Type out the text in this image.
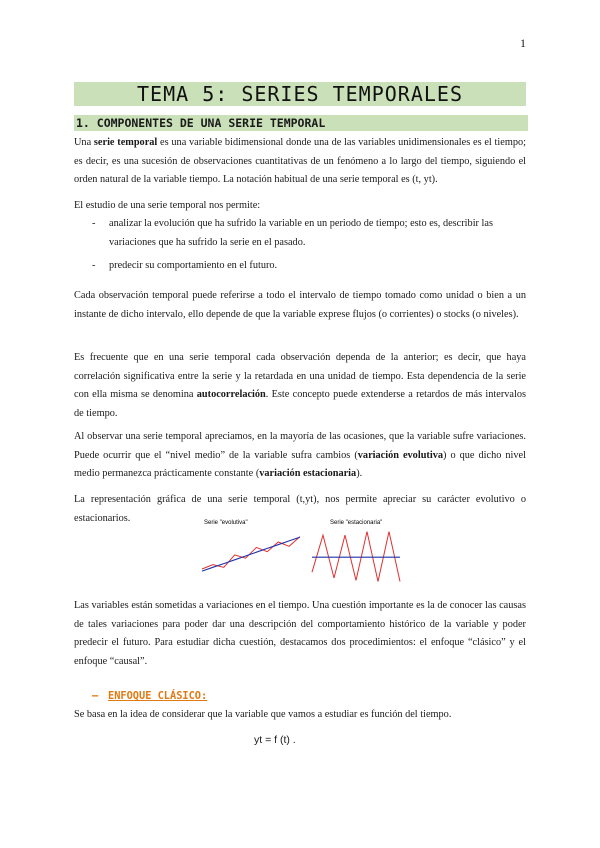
1
TEMA 5: SERIES TEMPORALES
1. COMPONENTES DE UNA SERIE TEMPORAL

Una serie temporal es una variable bidimensional donde una de las variables unidimensionales es el tiempo; es decir, es una sucesión de observaciones cuantitativas de un fenómeno a lo largo del tiempo, siguiendo el orden natural de la variable tiempo. La notación habitual de una serie temporal es (t, yt).

El estudio de una serie temporal nos permite:

- analizar la evolución que ha sufrido la variable en un periodo de tiempo; esto es, describir las variaciones que ha sufrido la serie en el pasado.
- predecir su comportamiento en el futuro.

Cada observación temporal puede referirse a todo el intervalo de tiempo tomado como unidad o bien a un instante de dicho intervalo, ello depende de que la variable exprese flujos (o corrientes) o stocks (o niveles).

Es frecuente que en una serie temporal cada observación dependa de la anterior; es decir, que haya correlación significativa entre la serie y la retardada en una unidad de tiempo. Esta dependencia de la serie con ella misma se denomina autocorrelación. Este concepto puede extenderse a retardos de más intervalos de tiempo.

Al observar una serie temporal apreciamos, en la mayoría de las ocasiones, que la variable sufre variaciones. Puede ocurrir que el “nivel medio” de la variable sufra cambios (variación evolutiva) o que dicho nivel medio permanezca prácticamente constante (variación estacionaria).

La representación gráfica de una serie temporal (t,yt), nos permite apreciar su carácter evolutivo o estacionarios.	Serie "evolutiva"	Serie "estacionaria"

Las variables están sometidas a variaciones en el tiempo. Una cuestión importante es la de conocer las causas de tales variaciones para poder dar una descripción del comportamiento histórico de la variable y poder predecir el futuro. Para estudiar dicha cuestión, destacamos dos procedimientos: el enfoque “clásico” y el enfoque “causal”.

– ENFOQUE CLÁSICO:

Se basa en la idea de considerar que la variable que vamos a estudiar es función del tiempo.

yt = f (t) .
